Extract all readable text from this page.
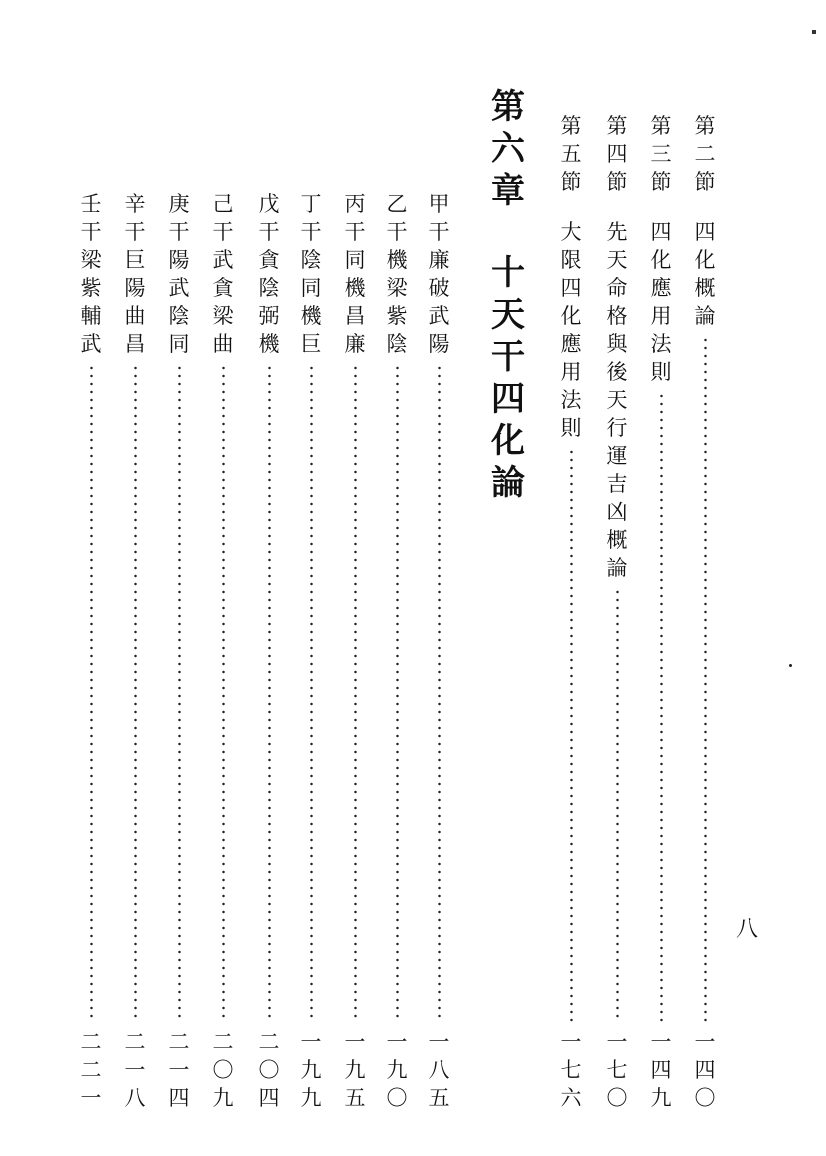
第
二
節
四
化
概
論
一
四
〇
第
三
節
四
化
應
用
法
則
一
四
九
第
四
節
先
天
命
格
與
後
天
行
運
吉
凶
概
論
一
七
〇
第
五
節
大
限
四
化
應
用
法
則
一
七
六
第
六
章
十
天
干
四
化
論
甲
干
廉
破
武
陽
一
八
五
乙
干
機
梁
紫
陰
一
九
〇
丙
干
同
機
昌
廉
一
九
五
丁
干
陰
同
機
巨
一
九
九
戊
干
貪
陰
弼
機
二
〇
四
己
干
武
貪
梁
曲
二
〇
九
庚
干
陽
武
陰
同
二
一
四
辛
干
巨
陽
曲
昌
二
一
八
壬
干
梁
紫
輔
武
二
二
一
八
